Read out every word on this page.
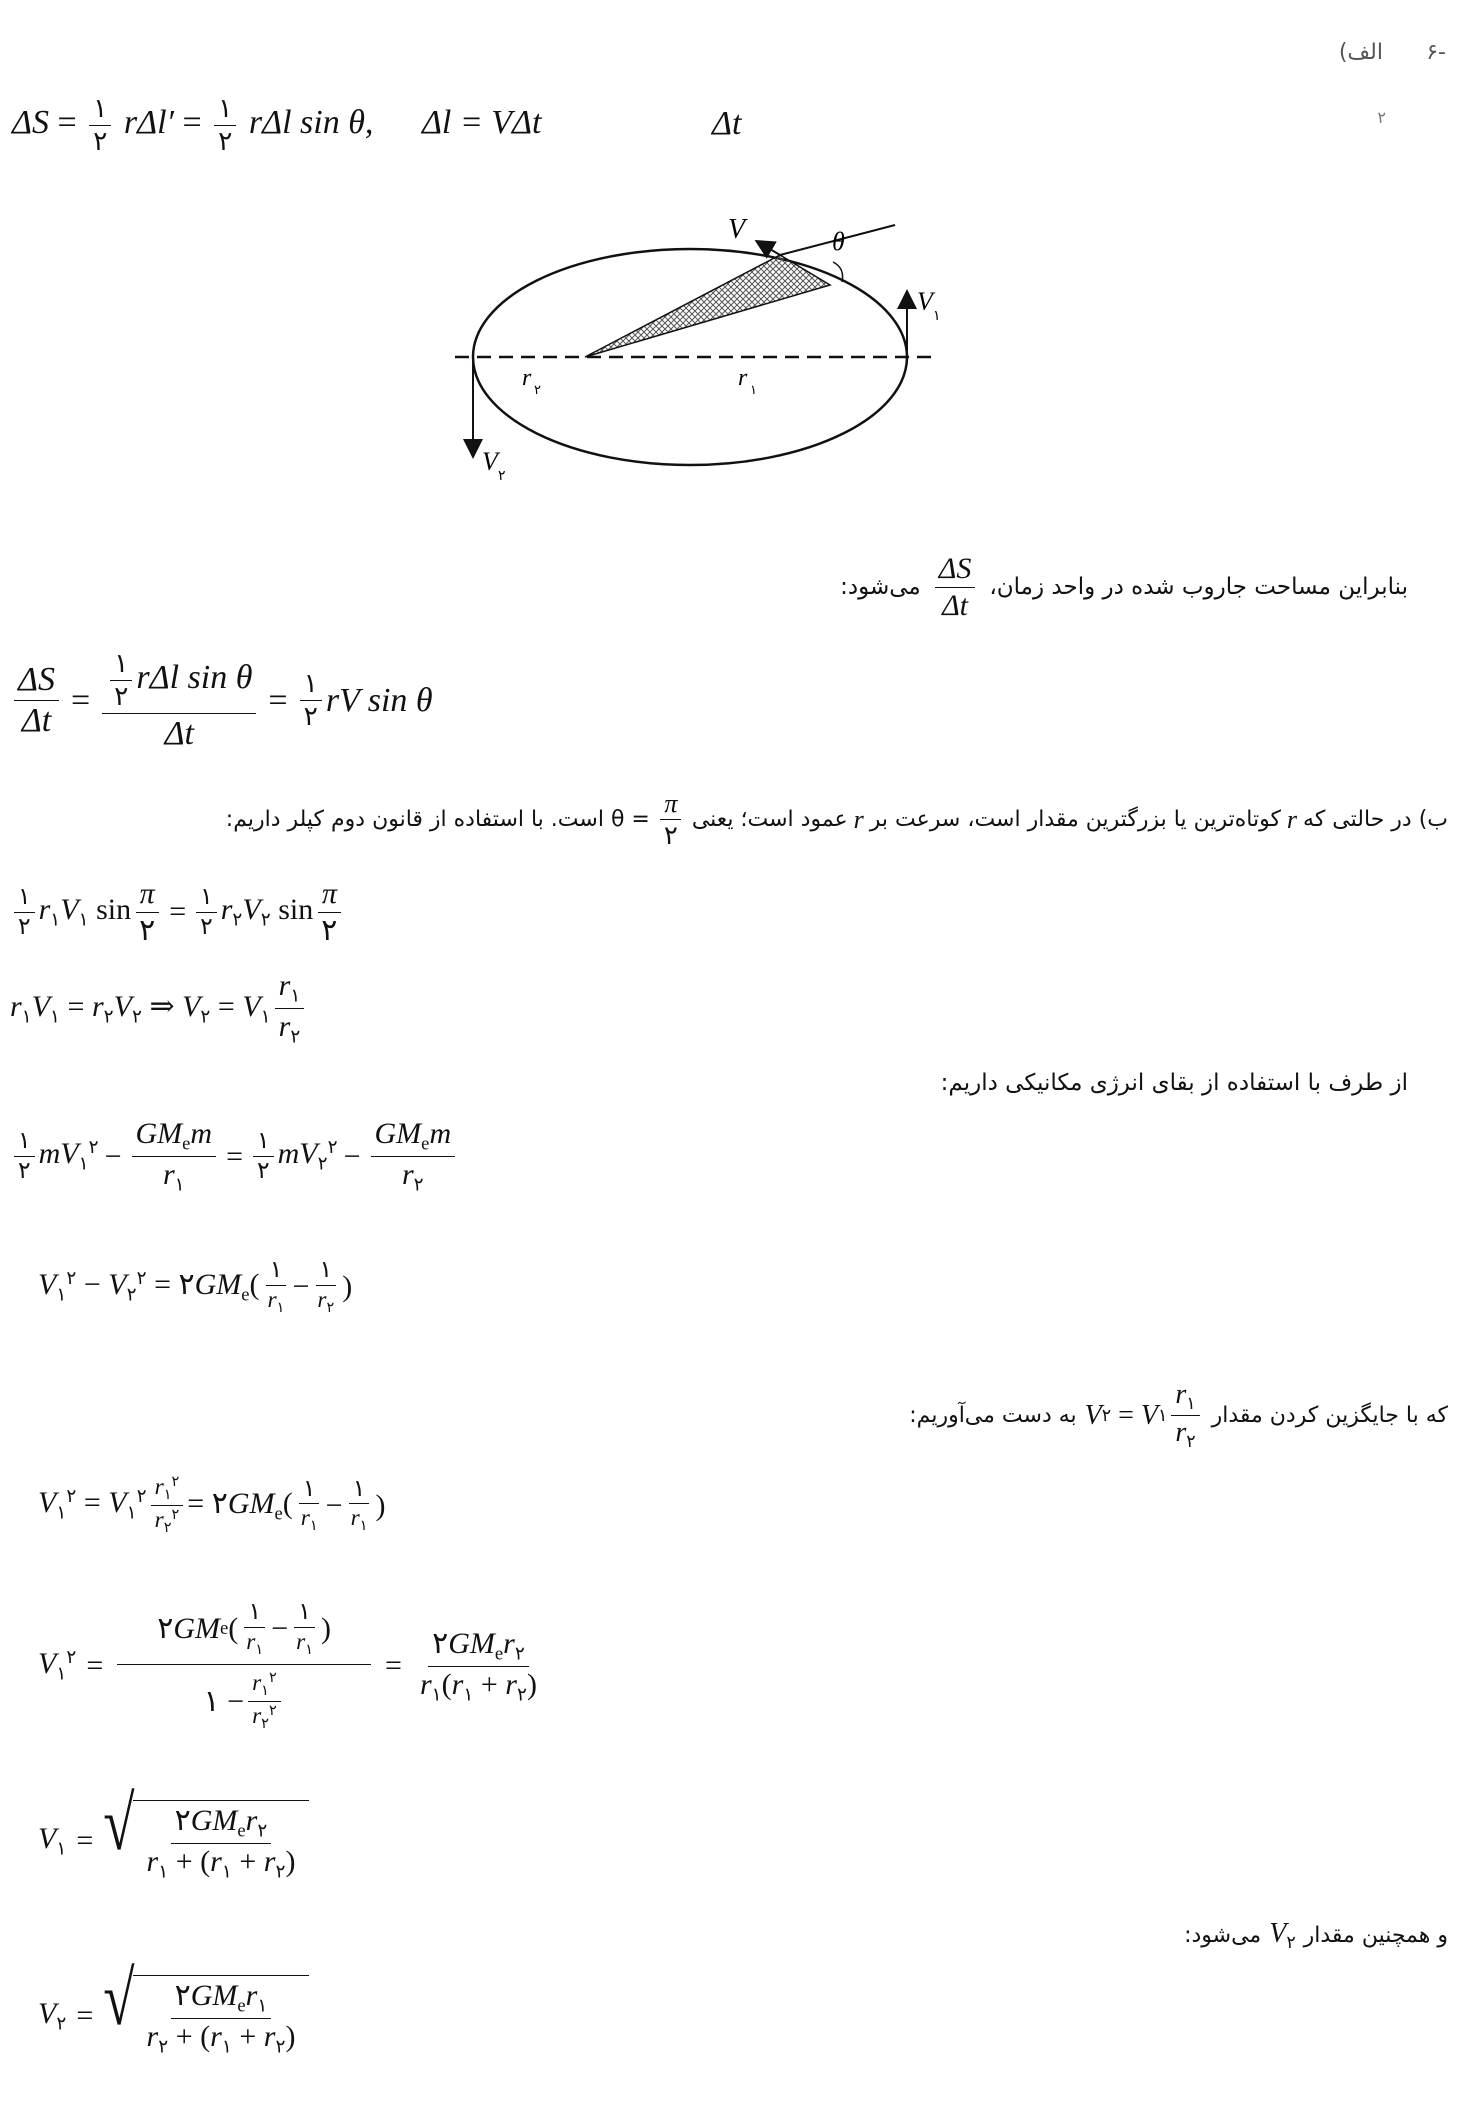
۶-
الف)
۲
$\Delta S = \frac{۱}{۲} r\Delta l' = \frac{۱}{۲}$ rΔl sin θ, Δl = VΔt	Δt
V	θ
V ۱
V ۲
r ۲	r ۱
بنابراین مساحت جاروب شده در واحد زمان،
$\frac{\Delta S}{\Delta t}$
می‌شود:
$\frac{\Delta S}{\Delta t} = \frac{\frac{۱}{۲} r\Delta l \sin \theta}{\Delta t} = \frac{۱}{۲}$ rV sin θ
ب) در حالتی که
r
کوتاه‌ترین یا بزرگترین مقدار است، سرعت بر
r
عمود است؛ یعنی
$\frac{\pi}{۲}$
= θ است. با استفاده از قانون دوم کپلر داریم:
$\frac{۱}{۲} r_۱V_۱$ $\sin \frac{\pi}{۲} = \frac{۱}{۲} r_۲V_۲$ $\sin \frac{\pi}{۲}$
$r_۱V_۱ = r_۲V_۲$ ⇒ $V_۲ = V_۱ \frac{r_۱}{r_۲}$
از طرف با استفاده از بقای انرژی مکانیکی داریم:
$\frac{۱}{۲} mV_۱^۲ - \frac{GM_em}{r_۱} = \frac{۱}{۲} mV_۲^۲ - \frac{GM_em}{r_۲}$
$V_۱^۲ - V_۲^۲$ = $۲GM_e( \frac{۱}{r_۱} - \frac{۱}{r_۲}$ )
که با جایگزین کردن مقدار
V ۲
= V ۱ $\frac{r_۱}{r_۲}$
به دست می‌آوریم:
$V_۱^۲ = V_۱^۲ \frac{r_۱^۲}{r_۲^۲}$ = $۲GM_e( \frac{۱}{r_۱} - \frac{۱}{r_۱}$ )
$V_۱^۲ = \frac{۲ GM e ( \frac{۱}{r_۱} - \frac{۱}{r_۱} )}{۱ - \frac{r_۱^۲}{r_۲^۲}} = \frac{۲GM_er_۲}{r_۱(r_۱ + r_۲)}$
$V_۱$ = √ $\frac{۲GM_er_۲}{r_۱ + (r_۱ + r_۲)}$
و همچنین مقدار
$V_۲$
می‌شود:
$V_۲$ = √ $\frac{۲GM_er_۱}{r_۲ + (r_۱ + r_۲)}$
